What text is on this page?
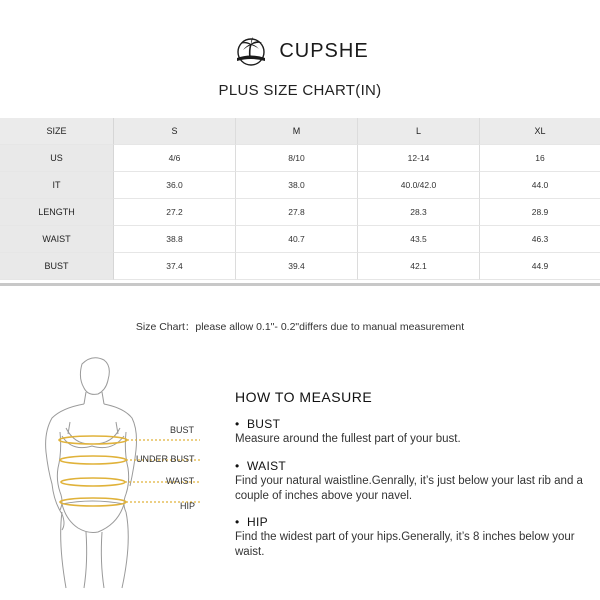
CUPSHE
PLUS SIZE CHART(IN)
SIZE	S	M	L	XL
US	4/6	8/10	12-14	16
IT	36.0	38.0	40.0/42.0	44.0
LENGTH	27.2	27.8	28.3	28.9
WAIST	38.8	40.7	43.5	46.3
BUST	37.4	39.4	42.1	44.9
Size Chart：please allow 0.1"- 0.2"differs due to manual measurement
BUST
UNDER BUST
WAIST
HIP
HOW TO MEASURE
• BUST
Measure around the fullest part of your bust.
• WAIST
Find your natural waistline.Genrally, it’s just below your last rib and a couple of inches above your navel.
• HIP
Find the widest part of your hips.Generally, it’s 8 inches below your waist.
